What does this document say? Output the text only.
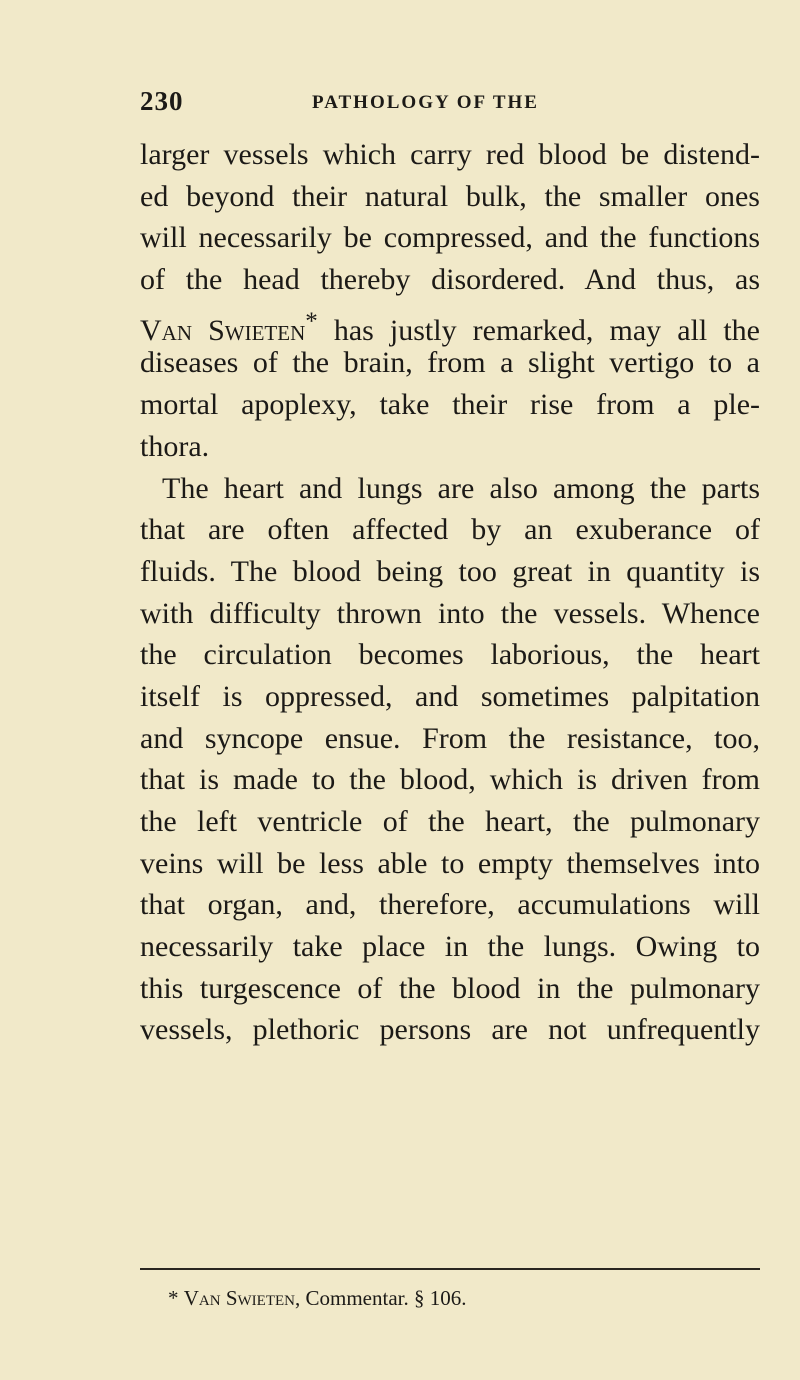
230	PATHOLOGY OF THE
larger vessels which carry red blood be distend-
ed beyond their natural bulk, the smaller ones
will necessarily be compressed, and the functions
of the head thereby disordered. And thus, as
Van Swieten* has justly remarked, may all the
diseases of the brain, from a slight vertigo to a
mortal apoplexy, take their rise from a ple-
thora.
The heart and lungs are also among the parts
that are often affected by an exuberance of
fluids. The blood being too great in quantity is
with difficulty thrown into the vessels. Whence
the circulation becomes laborious, the heart
itself is oppressed, and sometimes palpitation
and syncope ensue. From the resistance, too,
that is made to the blood, which is driven from
the left ventricle of the heart, the pulmonary
veins will be less able to empty themselves into
that organ, and, therefore, accumulations will
necessarily take place in the lungs. Owing to
this turgescence of the blood in the pulmonary
vessels, plethoric persons are not unfrequently
* Van Swieten, Commentar. § 106.
